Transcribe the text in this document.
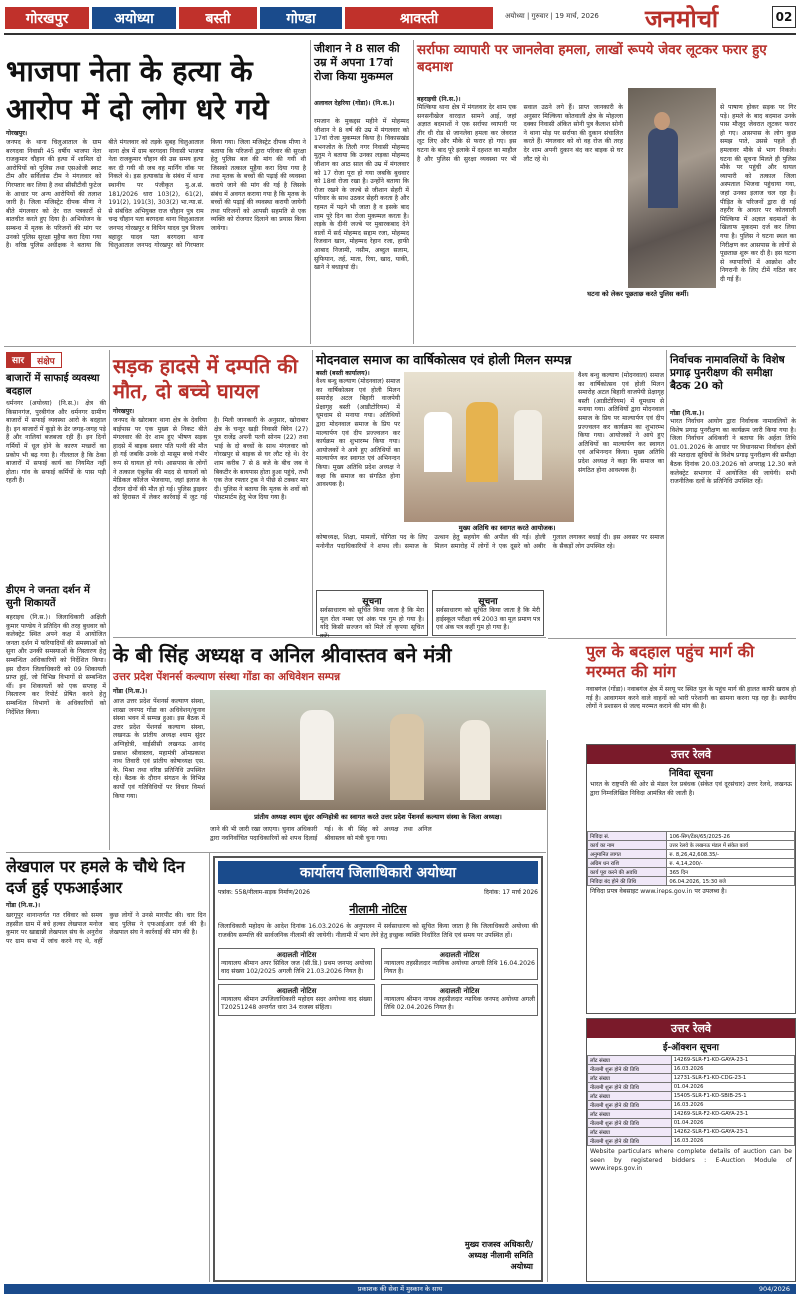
गोरखपुर	अयोध्या	बस्ती	गोण्डा	श्रावस्ती	अयोध्या | गुरुवार | 19 मार्च, 2026	जनमोर्चा	02
भाजपा नेता के हत्या के आरोप में दो लोग धरे गये
गोरखपुर।
जनपद के थाना चिलुआताल के ग्राम बरगदवा निवासी 45 वर्षीय भाजपा नेता राजकुमार चौहान की हत्या में शामिल दो आरोपियों को पुलिस तथा एसओजी स्वाट टीम और सर्विलांस टीम ने मंगलवार को गिरफ्तार कर लिया है तथा सीसीटीवी फुटेज के आधार पर अन्य आरोपियों की तलाश जारी है। जिला मजिस्ट्रेट दीपक मीणा ने बीते मंगलवार को देर रात पत्रकारों से बातचीत करते हुए दिया है। अभियोजन के सम्बन्ध में मृतक के परिजनों की मांग पर उनको पुलिस सुरक्षा मुहैया करा दिया गया है। वरिष्ठ पुलिस अधीक्षक ने बताया कि बीते मंगलवार को तड़के सुबह चिलुआताल थाना क्षेत्र में ग्राम बरगदवा निवासी भाजपा नेता राजकुमार चौहान की उस समय हत्या कर दी गयी थी जब वह मार्निंग वॉक पर निकले थे। इस हत्याकांड के संबंध में थाना स्थानीय पर पंजीकृत मु.अ.सं. 181/2026 धारा 103(2), 61(2), 191(2), 191(3), 303(2) भा.न्या.सं. से संबंधित अभियुक्त राज चौहान पुत्र राम चन्द्र चौहान पता बरगदवा थाना चिलुआताल जनपद गोरखपुर व विपिन यादव पुत्र विजय बहादुर यादव पता बरगदवा थाना चिलुआताल जनपद गोरखपुर को गिरफ्तार किया गया। जिला मजिस्ट्रेट दीपक मीणा ने बताया कि परिजनों द्वारा परिवार की सुरक्षा हेतु पुलिस बल की मांग की गयी थी जिसको तत्काल मुहैया करा दिया गया है तथा मृतक के बच्चों की पढ़ाई की व्यवस्था कराये जाने की मांग की गई है जिसके संबंध में अवगत कराया गया है कि मृतक के बच्चों की पढ़ाई की व्यवस्था करायी जायेगी तथा परिजनों को आपसी सहमति से एक व्यक्ति को रोजगार दिलाने का प्रयास किया जायेगा।
जीशान ने 8 साल की उम्र में अपना 17वां रोजा किया मुकम्मल
अलावल देहरिया (गोंडा)। (नि.स.)।
रमजान के मुकद्दस महीने में मोहम्मद जीशान ने 8 वर्ष की उम्र में मंगलवार को 17वां रोजा मुकम्मल किया है। विकासखंड बभनजोत के तिलौ नगर निवासी मोहम्मद मुतुम ने बताया कि उनका लड़का मोहम्मद जीशान का आठ साल की उम्र में मंगलवार को 17 रोजा पूरा हो गया जबकि बुधवार को 18वां रोजा रखा है। उन्होंने बताया कि रोजा रखने के जज्बे से जीशान सेहरी में परिवार के साथ उठकर सेहरी करता है और रहमत में पढ़ने भी जाता है व इसके बाद शाम पूरे दिन का रोजा मुकम्मल करता है। लड़के के दीनी जज्बे पर मुबारकबाद देने वालों में सर्द मोहम्मद सद्दाम रजा, मोहम्मद रिजवान खान, मोहम्मद रेहान रजा, हाफी आबाद निजामी, नसीम, अब्दुल सलाम, सुफियान, तर्ह, माता, रिया, खाद, याकी, खाने ने बधाइयां दी।
सर्राफा व्यापारी पर जानलेवा हमला, लाखों रूपये जेवर लूटकर फरार हुए बदमाश
बहराइची (नि.स.)।
मिल्किया थाना क्षेत्र में मंगलवार देर शाम एक सनसनीखेज वारदात सामने आई, जहां अज्ञात बदमाशों ने एक सर्राफा व्यापारी पर तीर धी रोड से जानलेवा हमला कर जेवरात लूट लिए और मौके से फरार हो गए। इस घटना के बाद पूरे इलाके में दहशत का माहौल है और पुलिस की सुरक्षा व्यवस्था पर भी सवाल उठने लगे हैं। प्राप्त जानकारी के अनुसार मिल्किया कोतवाली क्षेत्र के मोहल्ला दक्का निवासी अंकित सोनी पुत्र कैलाश सोनी ने थाना मोड़ पर सर्राफा की दुकान संचालित करते हैं। मंगलवार को वो वह रोज की तरह देर शाम अपनी दुकान बंद कर बाइक से घर लौट रहे थे।
घटना को लेकर पूछताछ करते पुलिस कर्मी।
से पाषाण होकर सड़क पर गिर पड़े। हमले के बाद बदमाश उनके पास मौजूद जेवरात लूटकर फरार हो गए। आसपास के लोग कुछ समझ पाते, उससे पहले ही हमलावर मौके से भाग निकले। घटना की सूचना मिलते ही पुलिस मौके पर पहुंची और घायल व्यापारी को तत्काल जिला अस्पताल भिजवा पहुंचाया गया, जहां उनका इलाज चल रहा है। पीड़ित के परिजनों द्वारा दी गई तहरीर के आधार पर कोतवाली मिल्किया में अज्ञात बदमाशों के खिलाफ मुकदमा दर्ज कर लिया गया है। पुलिस ने घटना स्थल का निरीक्षण कर आसपास के लोगों से पूछताछ शुरू कर दी है। इस घटना से व्यापारियों में आक्रोश और निगरानी के लिए टीमें गठित कर दी गई हैं।
सार	संक्षेप
बाजारों में साफाई व्यवस्था बदहाल
धर्मनगर (अयोध्या) (नि.स.)। क्षेत्र की किसानगंज, पुरबीगंज और धर्मनगर ग्रामीण बाजारों में सफाई व्यवस्था आरो के बदहाल है। इन बाजारों में कूड़ो के ढेर जगह-जगह पड़े हैं और नालियां बजबजा रही हैं। इन दिनों गर्मियों में धूल होने के कारण मच्छरों का प्रकोप भी बढ़ गया है। नीलताल है कि ठेका बाजारों में सफाई कार्य का नियमित नहीं होता। गांव के सफाई कर्मियों के पास पड़ी रहती है।
डीएम ने जनता दर्शन में सुनी शिकायतें
बहराइच (नि.स.)। जिलाधिकारी अक्षिती कुमार पाण्डेय ने प्रतिदिन की तरह बुधवार को कलेक्ट्रेट स्थित अपने कक्ष में आयोजित जनता दर्शन में फरियादियों की समस्याओं को सुना और उनकी समस्याओं के निस्तारण हेतु सम्बन्धित अधिकारियों को निर्देशित किया। इस दौरान जिलाधिकारी को 09 शिकायती प्राप्त हुई, जो विभिन्न विभागों से सम्बन्धित थीं। इन शिकायतों को एक सप्ताह में निस्तारण कर रिपोर्ट प्रेषित करने हेतु सम्बन्धित विभागों के अधिकारियों को निर्देशित किया।
सड़क हादसे में दम्पति की मौत, दो बच्चे घायल
गोरखपुर।
जनपद के खोराबार थाना क्षेत्र के देवरिया बाईपास पर एक मुख्य से निकट बीते मंगलवार की देर शाम हुए भीषण सड़क हादसे में बाइक सवार पति पत्नी की मौत हो गई जबकि उनके दो मासूम बच्चे गंभीर रूप से घायल हो गये। आसपास के लोगों ने तत्काल एंबुलेंस की मदद से घायलों को मेडिकल कॉलेज भेजवाया, जहां इलाज के दौरान दोनों की मौत हो गई। पुलिस ड्राइवर को हिरासत में लेकर कार्रवाई में जुट गई है। मिली जानकारी के अनुसार, खोराबार क्षेत्र के चन्दुर खड़ी निवासी बिरेन (27) पुत्र राजेंद्र अपनी पत्नी सोनम (22) तथा भाई के दो बच्चों के साथ मंगलवार को गोरखपुर से बाइक से घर लौट रहे थे। देर शाम करीब 7 से 8 बजे के बीच जब वे बिकटीर के बायपास होता हुआ पहुंचे, तभी एक तेज रफ्तार ट्रक ने पीछे से टक्कर मार दी। पुलिस ने बताया कि मृतक के शवों को पोस्टमार्टम हेतु भेज दिया गया है।
मोदनवाल समाज का वार्षिकोत्सव एवं होली मिलन सम्पन्न
बस्ती (बस्ती कार्यालय)।
वैश्य बन्धु कल्याण (मोदनवाल) समाज का वार्षिकोत्सव एवं होली मिलन समारोह अटल बिहारी वाजपेयी प्रेक्षागृह बस्ती (आडीटोरियम) में धूमधाम से मनाया गया। अतिथियों द्वारा मोदनवाल समाज के प्रिय पर माल्यार्पण एवं दीप प्रज्ज्वलन कर कार्यक्रम का शुभारम्भ किया गया। आयोजकों ने आये हुए अतिथियों का माल्यार्पण कर स्वागत एवं अभिनन्दन किया। मुख्य अतिथि प्रदेश अध्यक्ष ने कहा कि समाज का संगठित होना आवश्यक है।
मुख्य अतिथि का स्वागत करते आयोजक।
कोषाध्यक्ष, शिक्षा, मामलों, योगिता पद के लिए मनोनीत पदाधिकारियों ने शपथ ली। समाज के उत्थान हेतु सहयोग की अपील की गई। होली मिलन समारोह में लोगों ने एक दूसरे को अबीर गुलाल लगाकर बधाई दी। इस अवसर पर समाज के सैकड़ों लोग उपस्थित रहे।
वैश्य बन्धु कल्याण (मोदनवाल) समाज का वार्षिकोत्सव एवं होली मिलन समारोह अटल बिहारी वाजपेयी प्रेक्षागृह बस्ती (आडीटोरियम) में धूमधाम से मनाया गया। अतिथियों द्वारा मोदनवाल समाज के प्रिय पर माल्यार्पण एवं दीप प्रज्ज्वलन कर कार्यक्रम का शुभारम्भ किया गया। आयोजकों ने आये हुए अतिथियों का माल्यार्पण कर स्वागत एवं अभिनन्दन किया। मुख्य अतिथि प्रदेश अध्यक्ष ने कहा कि समाज का संगठित होना आवश्यक है।
सूचना
सर्वसाधारण को सूचित किया जाता है कि मेरा मूल रोल नम्बर एवं अंक पत्र गुम हो गया है। यदि किसी सज्जन को मिले तो कृपया सूचित
सूचना
सर्वसाधारण को सूचित किया जाता है कि मेरी हाईस्कूल परीक्षा वर्ष 2003 का मूल प्रमाण पत्र एवं अंक पत्र कहीं गुम हो गया है।
निर्वाचक नामावलियों के विशेष प्रगाढ़ पुनरीक्षण की समीक्षा बैठक 20 को
गोंडा (नि.स.)।
भारत निर्वाचन आयोग द्वारा निर्वाचक नामावलियों के विशेष प्रगाढ़ पुनरीक्षण का कार्यक्रम जारी किया गया है। जिला निर्वाचन अधिकारी ने बताया कि अर्हता तिथि 01.01.2026 के आधार पर विधानसभा निर्वाचन क्षेत्रों की मतदाता सूचियों के विशेष प्रगाढ़ पुनरीक्षण की समीक्षा बैठक दिनांक 20.03.2026 को अपराह्न 12.30 बजे कलेक्ट्रेट सभागार में आयोजित की जायेगी। सभी राजनीतिक दलों के प्रतिनिधि उपस्थित रहें।
पुल के बदहाल पहुंच मार्ग की मरम्मत की मांग
नवाबगंज (गोंडा)। नवाबगंज क्षेत्र में सरयू पर स्थित पुल के पहुंच मार्ग की हालत काफी खराब हो गई है। आवागमन करने वाले वाहनों को भारी परेशानी का सामना करना पड़ रहा है। स्थानीय लोगों ने प्रशासन से जल्द मरम्मत कराने की मांग की है।
के बी सिंह अध्यक्ष व अनिल श्रीवास्तव बने मंत्री
उत्तर प्रदेश पेंशनर्स कल्याण संस्था गोंडा का अधिवेशन सम्पन्न
गोंडा (नि.स.)।
आज उत्तर प्रदेश पेंशनर्स कल्याण संस्था, शाखा जनपद गोंडा का अधिवेशन/चुनाव संस्था भवन में सम्पन्न हुआ। इस बैठक में उत्तर प्रदेश पेंशनर्स कल्याण संस्था, लखनऊ के प्रांतीय अध्यक्ष श्याम सुंदर अग्निहोत्री, वाईसीसी लखनऊ आनंद प्रकाश श्रीवास्तव, महामंत्री ओमप्रकाश नाथ तिवारी एवं प्रांतीय कोषाध्यक्ष एस. के. मिश्रा तथा वरिष्ठ प्रतिनिधि उपस्थित रहे। बैठक के दौरान संगठन के विभिन्न कार्यों एवं गतिविधियों पर विचार विमर्श किया गया।
प्रांतीय अध्यक्ष श्याम सुंदर अग्निहोत्री का स्वागत करते उत्तर प्रदेश पेंशनर्स कल्याण संस्था के जिला अध्यक्ष।
जाने की भी जारी रखा जाएगा। चुनाव अधिकारी द्वारा नवनिर्वाचित पदाधिकारियों को शपथ दिलाई गई। के बी सिंह को अध्यक्ष तथा अनिल श्रीवास्तव को मंत्री चुना गया।
लेखपाल पर हमले के चौथे दिन दर्ज हुई एफआईआर
गोंडा (नि.स.)।
खरगूपुर थानान्तर्गत गत रविवार को समय तहसील ग्राम में बचे हल्का लेखपाल मनोज कुमार पर खाद्यान्नी लेखपाल संघ के अनुरोध पर ग्राम सभा में जांच करने गए थे, वहीं कुछ लोगों ने उनसे मारपीट की। चार दिन बाद पुलिस ने एफआईआर दर्ज की है। लेखपाल संघ ने कार्रवाई की मांग की है।
कार्यालय जिलाधिकारी अयोध्या
पत्रांक: 558/नीलाम-सड़क निर्माण/2026	दिनांक: 17 मार्च 2026
नीलामी नोटिस
जिलाधिकारी महोदय के आदेश दिनांक 16.03.2026 के अनुपालन में सर्वसाधारण को सूचित किया जाता है कि जिलाधिकारी अयोध्या की राजकीय सम्पत्ति की सार्वजनिक नीलामी की जायेगी। नीलामी में भाग लेने हेतु इच्छुक व्यक्ति निर्धारित तिथि एवं समय पर उपस्थित हों।
अदालती नोटिस
न्यायालय श्रीमान अपर सिविल जज (सी.डि.) प्रथम जनपद अयोध्या वाद संख्या 102/2025 अगली तिथि 21.03.2026 नियत है।
अदालती नोटिस
न्यायालय श्रीमान उपजिलाधिकारी महोदय सदर अयोध्या वाद संख्या T20251248 अन्तर्गत धारा 34 राजस्व संहिता।
अदालती नोटिस
न्यायालय तहसीलदार न्यायिक अयोध्या अगली तिथि 16.04.2026 नियत है।
अदालती नोटिस
न्यायालय श्रीमान नायब तहसीलदार न्यायिक जनपद अयोध्या अगली तिथि 02.04.2026 नियत है।
मुख्य राजस्व अधिकारी/
अध्यक्ष नीलामी समिति
अयोध्या
उत्तर रेलवे
निविदा सूचना
भारत के राष्ट्रपति की ओर से मंडल रेल प्रबंधक (संकेत एवं दूरसंचार) उत्तर रेलवे, लखनऊ द्वारा निम्नलिखित निविदा आमंत्रित की जाती है।
निविदा सं.	106-सिग/टेंडर/65/2025-26
कार्य का नाम	उत्तर रेलवे के लखनऊ मंडल में संकेत कार्य
अनुमानित लागत	रु. 8,26,42,608.35/-
अग्रिम धन राशि	रु. 4,14,200/-
कार्य पूरा करने की अवधि	365 दिन
निविदा बंद होने की तिथि	06.04.2026, 15:30 बजे
निविदा प्रपत्र वेबसाइट www.ireps.gov.in पर उपलब्ध है।
उत्तर रेलवे
ई-ऑक्शन सूचना
लॉट संख्या	14269-SLR-F1-KD-GAYA-23-1
नीलामी शुरू होने की तिथि	16.03.2026
लॉट संख्या	12731-SLR-F1-KD-CDG-23-1
नीलामी शुरू होने की तिथि	01.04.2026
लॉट संख्या	15405-SLR-F1-KD-SBIB-25-1
नीलामी शुरू होने की तिथि	16.03.2026
लॉट संख्या	14269-SLR-F2-KD-GAYA-23-1
नीलामी शुरू होने की तिथि	01.04.2026
लॉट संख्या	14262-SLR-F1-KD-GAYA-23-1
नीलामी शुरू होने की तिथि	16.03.2026
Website particulars where complete details of auction can be seen by registered bidders : E-Auction Module of www.ireps.gov.in
प्रकाशक की सेवा में मुस्कान के साथ	904/2026
